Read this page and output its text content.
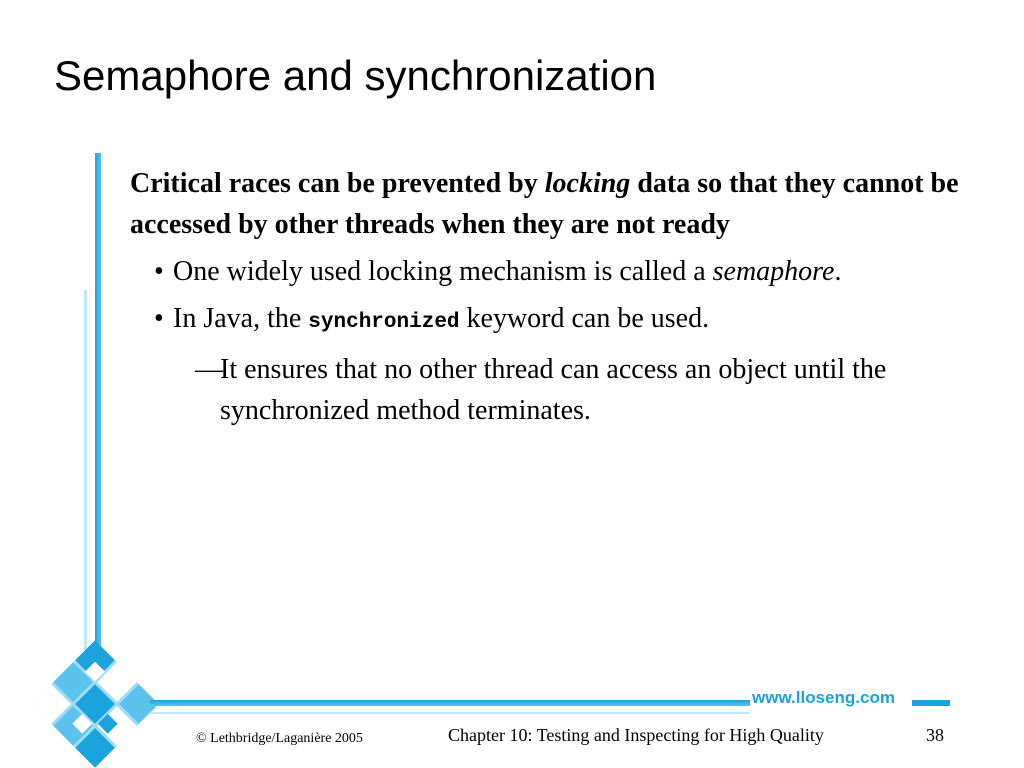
Semaphore and synchronization

Critical races can be prevented by locking data so that they cannot be accessed by other threads when they are not ready

• One widely used locking mechanism is called a semaphore.
• In Java, the synchronized keyword can be used.
—
It ensures that no other thread can access an object until the synchronized method terminates.
www.lloseng.com
© Lethbridge/Laganière 2005	Chapter 10: Testing and Inspecting for High Quality	38
